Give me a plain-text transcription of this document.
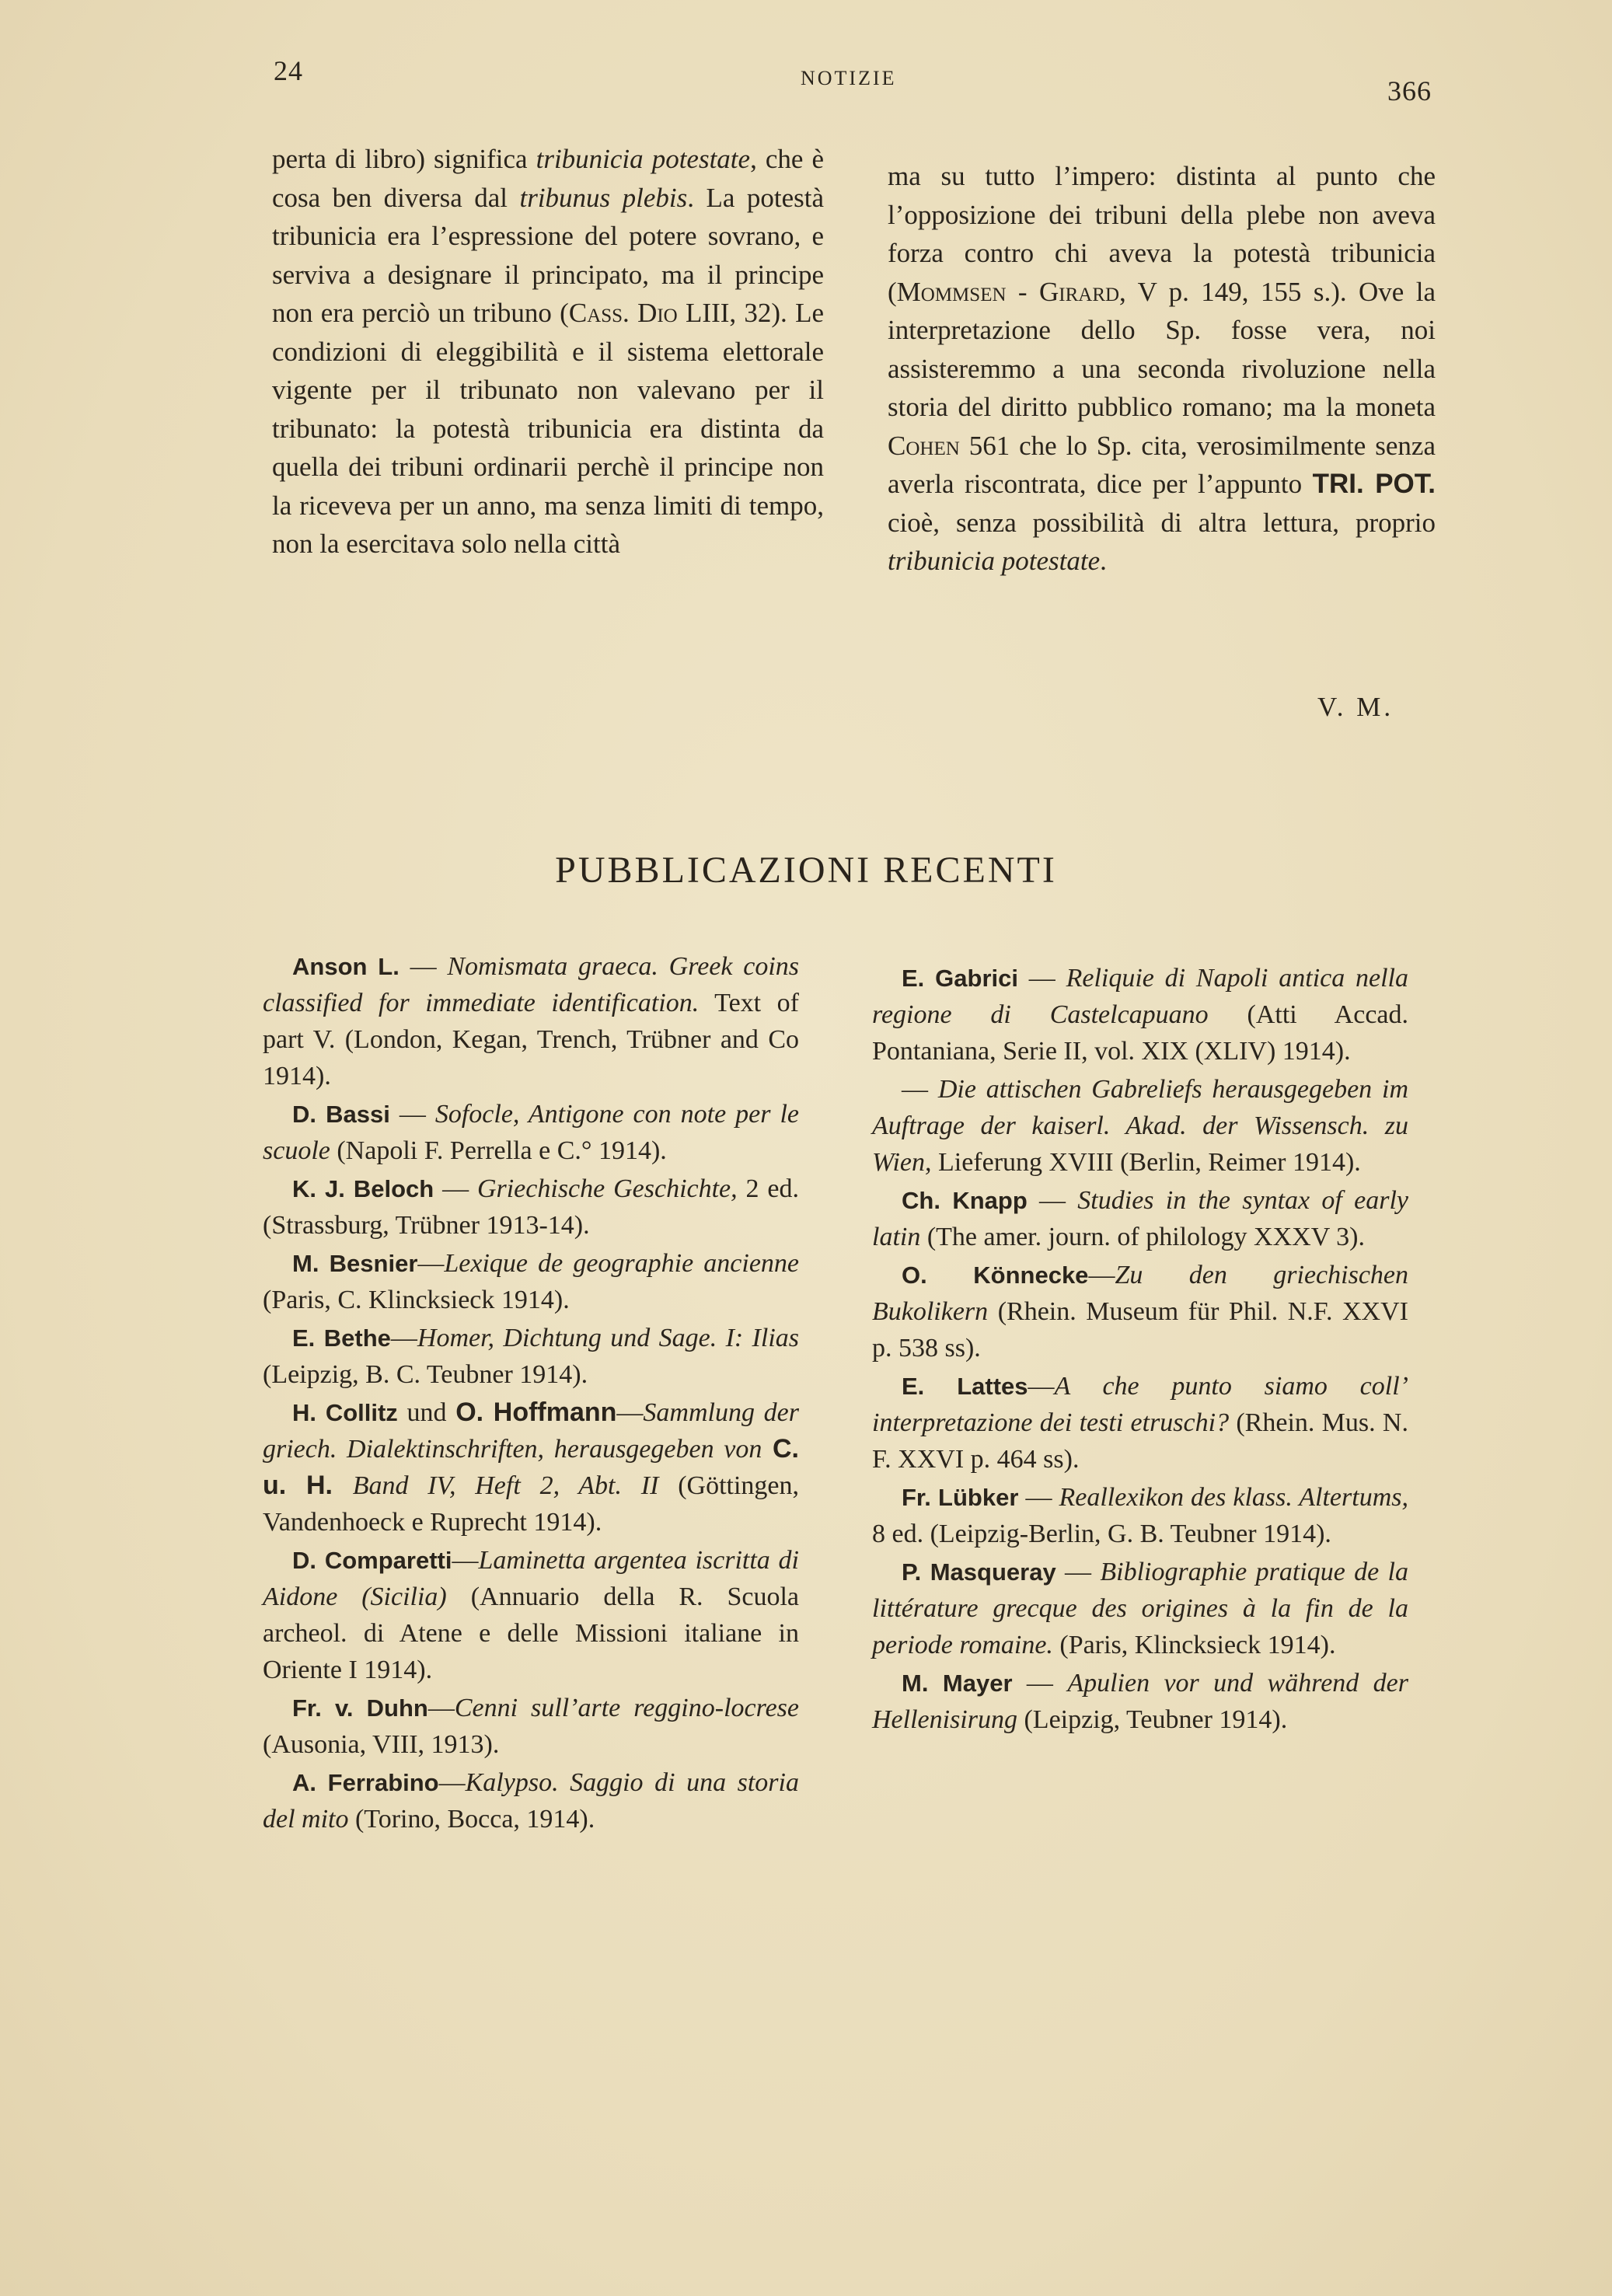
24	NOTIZIE	366

perta di libro) significa tribunicia potestate, che è cosa ben diversa dal tribunus plebis. La potestà tribunicia era l’espressione del potere sovrano, e serviva a designare il principato, ma il principe non era perciò un tribuno (Cass. Dio LIII, 32). Le condizioni di eleggibilità e il sistema elettorale vigente per il tribunato non valevano per il tribunato: la potestà tribunicia era distinta da quella dei tribuni ordinarii perchè il principe non la riceveva per un anno, ma senza limiti di tempo, non la esercitava solo nella città

ma su tutto l’impero: distinta al punto che l’opposizione dei tribuni della plebe non aveva forza contro chi aveva la potestà tribunicia (Mommsen - Girard, V p. 149, 155 s.). Ove la interpretazione dello Sp. fosse vera, noi assisteremmo a una seconda rivoluzione nella storia del diritto pubblico romano; ma la moneta Cohen 561 che lo Sp. cita, verosimilmente senza averla riscontrata, dice per l’appunto TRI. POT. cioè, senza possibilità di altra lettura, proprio tribunicia potestate.

V. M.
PUBBLICAZIONI RECENTI

Anson L. — Nomismata graeca. Greek coins classified for immediate identification. Text of part V. (London, Kegan, Trench, Trübner and Co 1914).

D. Bassi — Sofocle, Antigone con note per le scuole (Napoli F. Perrella e C.° 1914).

K. J. Beloch — Griechische Geschichte, 2 ed. (Strassburg, Trübner 1913-14).

M. Besnier—Lexique de geographie ancienne (Paris, C. Klincksieck 1914).

E. Bethe—Homer, Dichtung und Sage. I: Ilias (Leipzig, B. C. Teubner 1914).

H. Collitz und O. Hoffmann—Sammlung der griech. Dialektinschriften, herausgegeben von C. u. H. Band IV, Heft 2, Abt. II (Göttingen, Vandenhoeck e Ruprecht 1914).

D. Comparetti—Laminetta argentea iscritta di Aidone (Sicilia) (Annuario della R. Scuola archeol. di Atene e delle Missioni italiane in Oriente I 1914).

Fr. v. Duhn—Cenni sull’arte reggino-locrese (Ausonia, VIII, 1913).

A. Ferrabino—Kalypso. Saggio di una storia del mito (Torino, Bocca, 1914).

E. Gabrici — Reliquie di Napoli antica nella regione di Castelcapuano (Atti Accad. Pontaniana, Serie II, vol. XIX (XLIV) 1914).

— Die attischen Gabreliefs herausgegeben im Auftrage der kaiserl. Akad. der Wissensch. zu Wien, Lieferung XVIII (Berlin, Reimer 1914).

Ch. Knapp — Studies in the syntax of early latin (The amer. journ. of philology XXXV 3).

O. Könnecke—Zu den griechischen Bukolikern (Rhein. Museum für Phil. N.F. XXVI p. 538 ss).

E. Lattes—A che punto siamo coll’ interpretazione dei testi etruschi? (Rhein. Mus. N. F. XXVI p. 464 ss).

Fr. Lübker — Reallexikon des klass. Altertums, 8 ed. (Leipzig-Berlin, G. B. Teubner 1914).

P. Masqueray — Bibliographie pratique de la littérature grecque des origines à la fin de la periode romaine. (Paris, Klincksieck 1914).

M. Mayer — Apulien vor und während der Hellenisirung (Leipzig, Teubner 1914).
